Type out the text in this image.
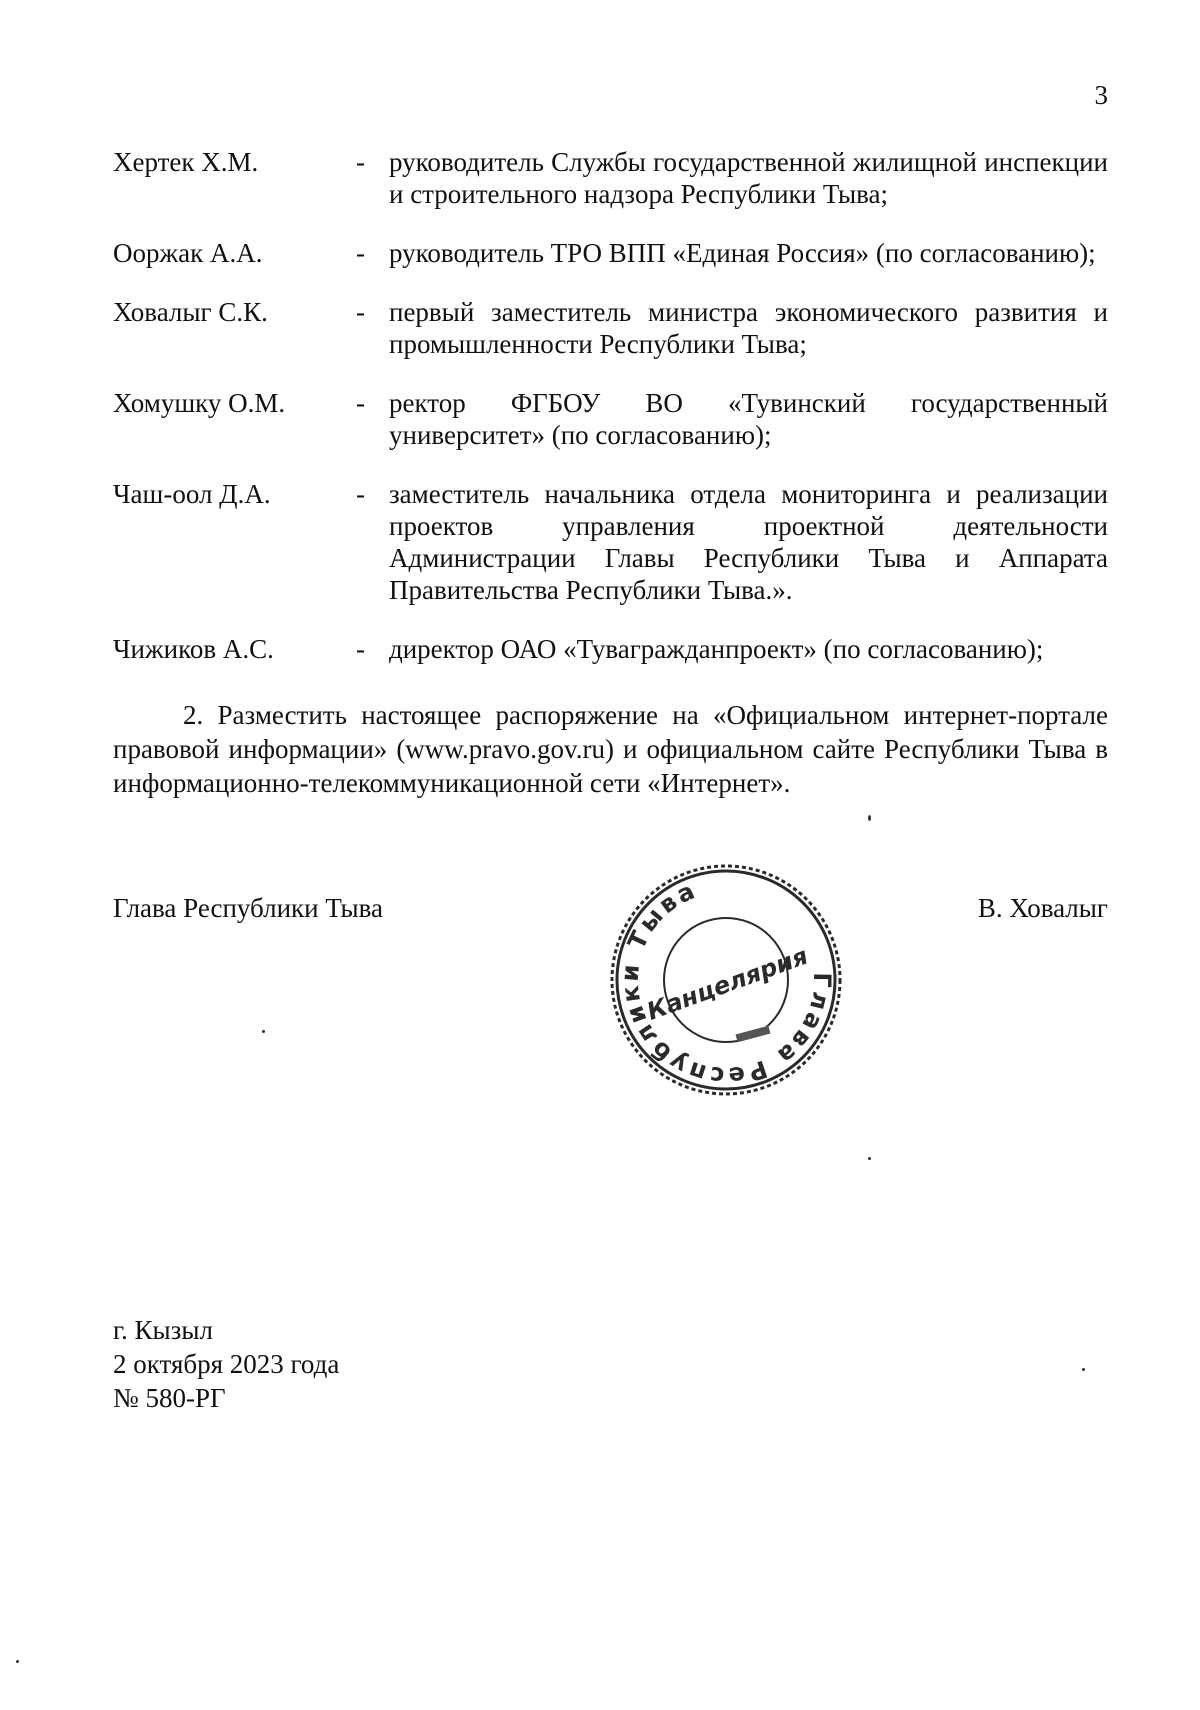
3
Хертек Х.М.	- руководитель Службы государственной жилищной инспекции и строительного надзора Республики Тыва;
Ооржак А.А.	- руководитель ТРО ВПП «Единая Россия» (по согласованию);
Ховалыг С.К.	- первый заместитель министра экономического развития и промышленности Республики Тыва;
Хомушку О.М.	- ректор ФГБОУ ВО «Тувинский государственный университет» (по согласованию);
Чаш-оол Д.А.	- заместитель начальника отдела мониторинга и реализации проектов управления проектной деятельности Администрации Главы Республики Тыва и Аппарата Правительства Республики Тыва.».
Чижиков А.С.	- директор ОАО «Тувагражданпроект» (по согласованию);
2. Разместить настоящее распоряжение на «Официальном интернет-портале правовой информации» (www.pravo.gov.ru) и официальном сайте Республики Тыва в информационно-телекоммуникационной сети «Интернет».
Глава Республики Тыва
Глава Республики Тыва
Канцелярия
В. Ховалыг
г. Кызыл
2 октября 2023 года
№ 580-РГ
